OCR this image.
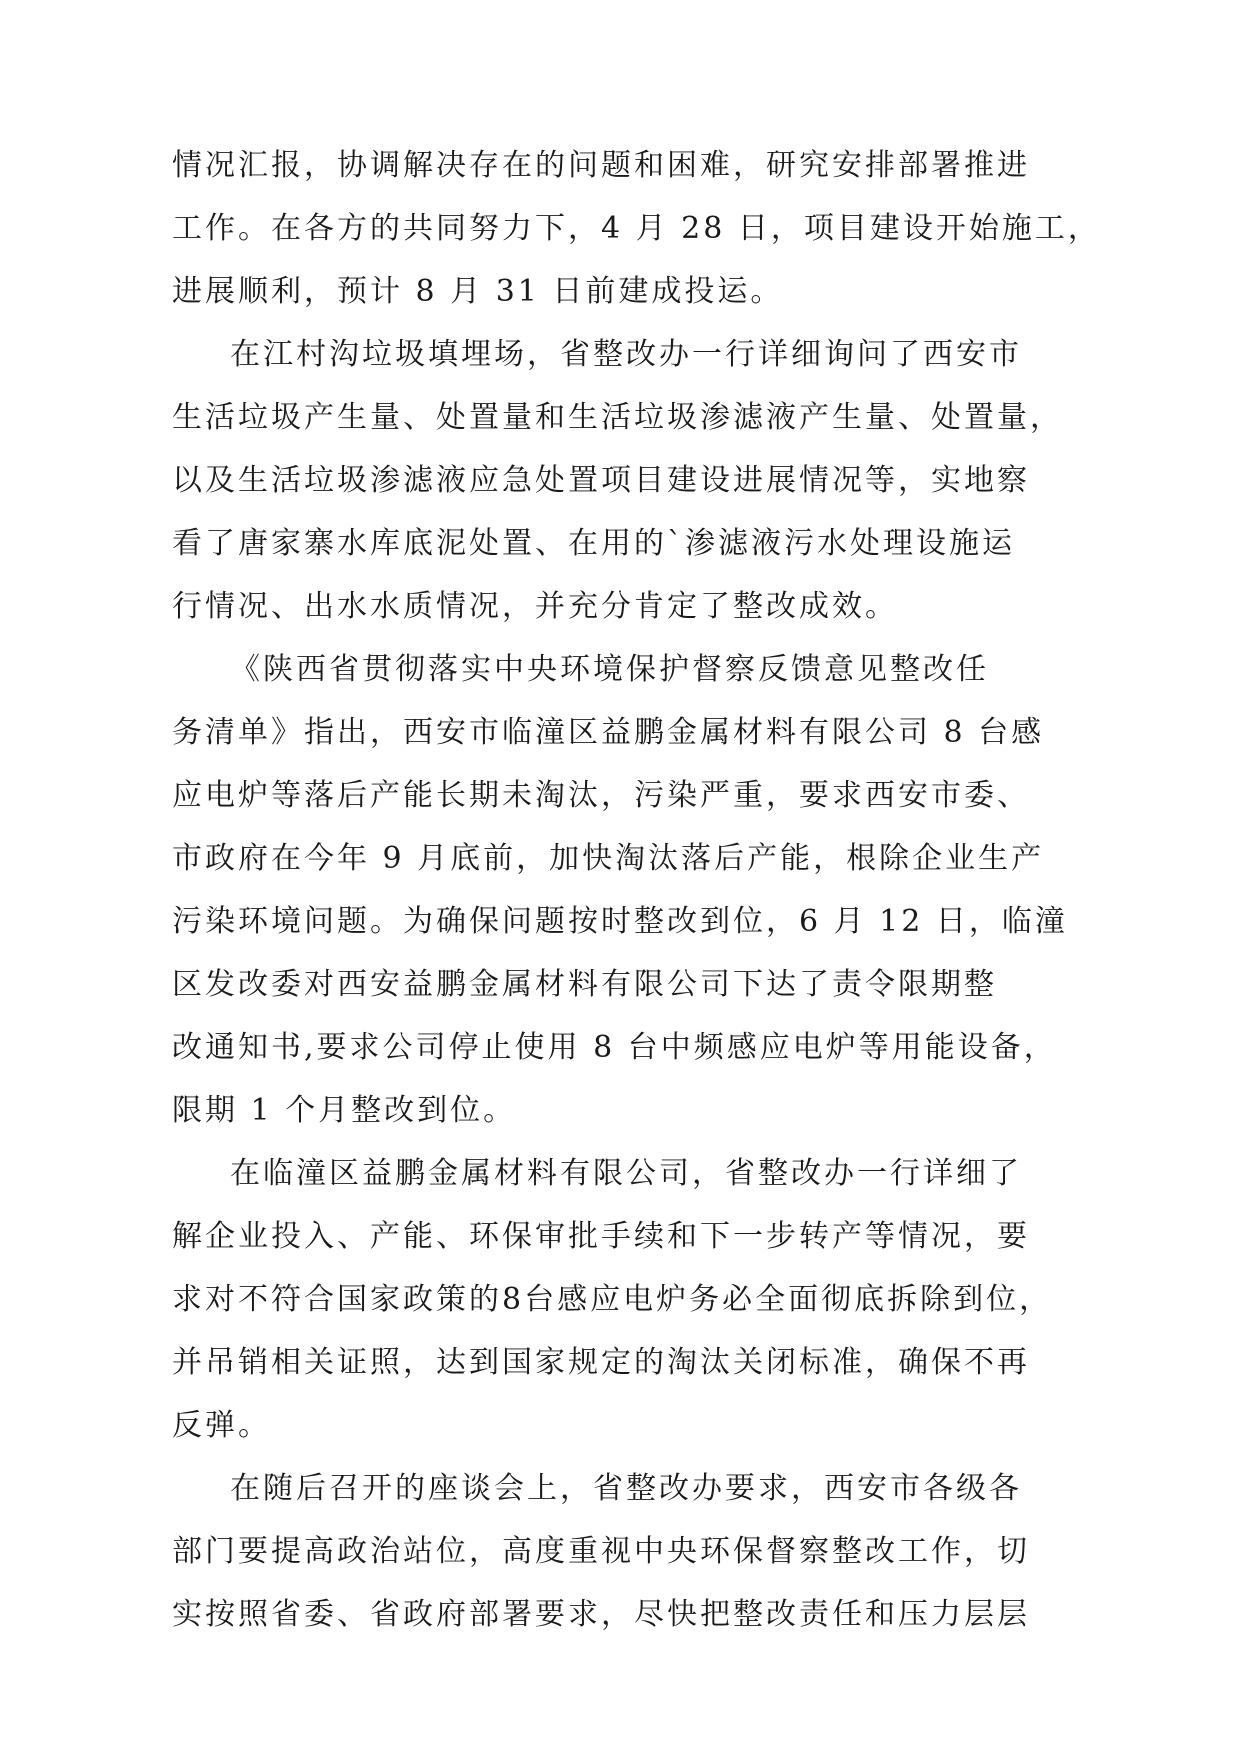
情况汇报，协调解决存在的问题和困难，研究安排部署推进
工作。在各方的共同努力下，4 月 28 日，项目建设开始施工，
进展顺利，预计 8 月 31 日前建成投运。
在江村沟垃圾填埋场，省整改办一行详细询问了西安市
生活垃圾产生量、处置量和生活垃圾渗滤液产生量、处置量，
以及生活垃圾渗滤液应急处置项目建设进展情况等，实地察
看了唐家寨水库底泥处置、在用的`渗滤液污水处理设施运
行情况、出水水质情况，并充分肯定了整改成效。
《陕西省贯彻落实中央环境保护督察反馈意见整改任
务清单》指出，西安市临潼区益鹏金属材料有限公司 8 台感
应电炉等落后产能长期未淘汰，污染严重，要求西安市委、
市政府在今年 9 月底前，加快淘汰落后产能，根除企业生产
污染环境问题。为确保问题按时整改到位，6 月 12 日，临潼
区发改委对西安益鹏金属材料有限公司下达了责令限期整
改通知书,要求公司停止使用 8 台中频感应电炉等用能设备，
限期 1 个月整改到位。
在临潼区益鹏金属材料有限公司，省整改办一行详细了
解企业投入、产能、环保审批手续和下一步转产等情况，要
求对不符合国家政策的8台感应电炉务必全面彻底拆除到位，
并吊销相关证照，达到国家规定的淘汰关闭标准，确保不再
反弹。
在随后召开的座谈会上，省整改办要求，西安市各级各
部门要提高政治站位，高度重视中央环保督察整改工作，切
实按照省委、省政府部署要求，尽快把整改责任和压力层层
